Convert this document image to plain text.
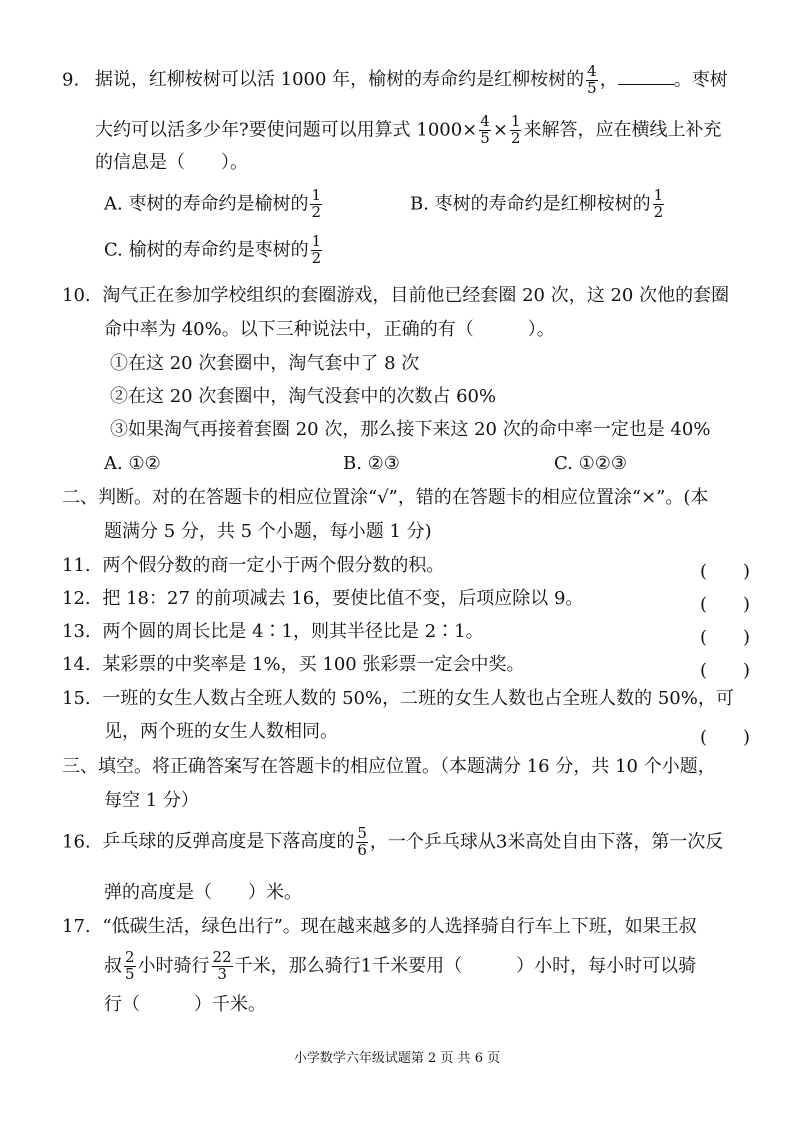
9. 据说，红柳桉树可以活 1000 年，榆树的寿命约是红柳桉树的 $\frac{4}{5}$ ，	。枣树
大约可以活多少年?要使问题可以用算式 $1000\times \frac{4}{5} \times \frac{1}{2}$ 来解答，应在横线上补充
的信息是（　　）。
A. 枣树的寿命约是榆树的 $\frac{1}{2}$	B. 枣树的寿命约是红柳桉树的 $\frac{1}{2}$
C. 榆树的寿命约是枣树的 $\frac{1}{2}$
10. 淘气正在参加学校组织的套圈游戏，目前他已经套圈 20 次，这 20 次他的套圈
命中率为 40%。以下三种说法中，正确的有（　　　）。
①在这 20 次套圈中，淘气套中了 8 次
②在这 20 次套圈中，淘气没套中的次数占 60%
③如果淘气再接着套圈 20 次，那么接下来这 20 次的命中率一定也是 40%
A. ①②	B. ②③	C. ①②③
二、判断。对的在答题卡的相应位置涂“√”，错的在答题卡的相应位置涂“×”。(本
题满分 5 分，共 5 个小题，每小题 1 分)
11. 两个假分数的商一定小于两个假分数的积。	(　　)
12. 把 18：27 的前项减去 16，要使比值不变，后项应除以 9。	(　　)
13. 两个圆的周长比是 4∶1，则其半径比是 2∶1。	(　　)
14. 某彩票的中奖率是 1%，买 100 张彩票一定会中奖。	(　　)
15. 一班的女生人数占全班人数的 50%，二班的女生人数也占全班人数的 50%，可
见，两个班的女生人数相同。	(　　)
三、填空。将正确答案写在答题卡的相应位置。（本题满分 16 分，共 10 个小题，
每空 1 分）
16. 乒乓球的反弹高度是下落高度的 $\frac{5}{6}$ ，一个乒乓球从3米高处自由下落，第一次反
弹的高度是（　　）米。
17. “低碳生活，绿色出行”。现在越来越多的人选择骑自行车上下班，如果王叔
叔 $\frac{2}{5}$ 小时骑行 $\frac{22}{3}$ 千米，那么骑行1千米要用（　　　）小时，每小时可以骑
行（　　　）千米。
小学数学六年级试题第 2 页 共 6 页
